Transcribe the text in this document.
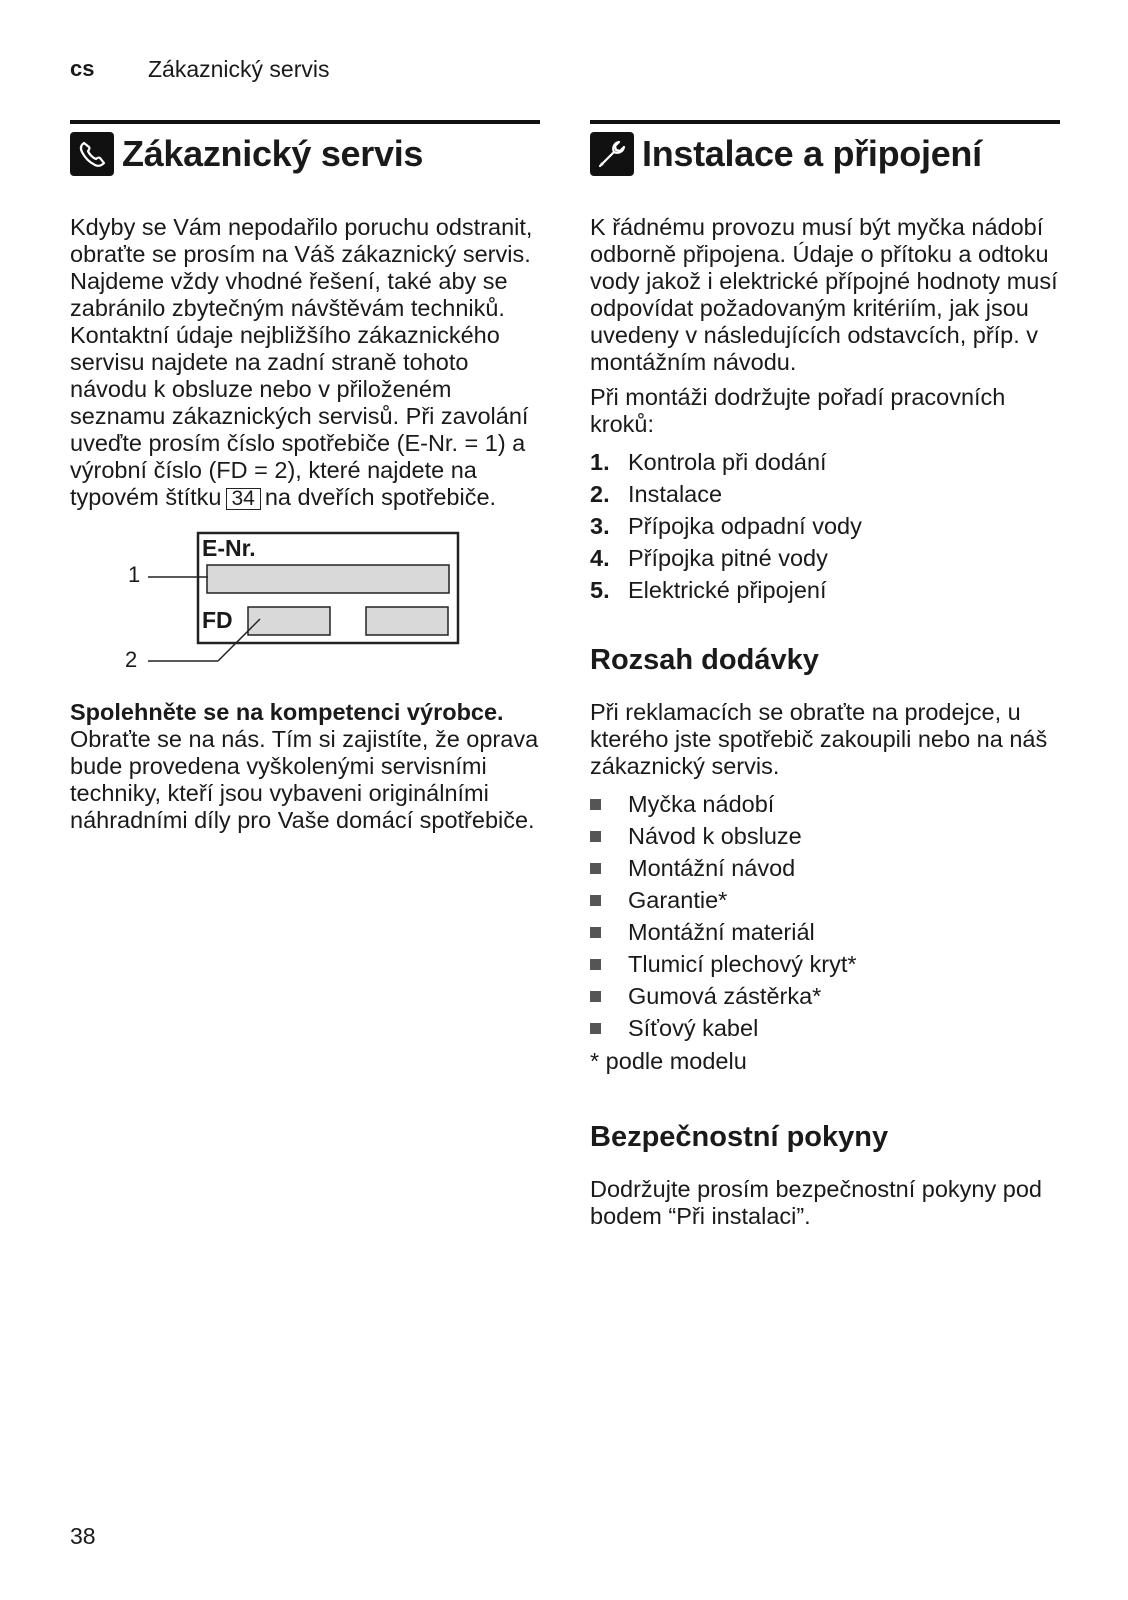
cs Zákaznický servis
Zákaznický servis

Kdyby se Vám nepodařilo poruchu odstranit, obraťte se prosím na Váš zákaznický servis. Najdeme vždy vhodné řešení, také aby se zabránilo zbytečným návštěvám techniků. Kontaktní údaje nejbližšího zákaznického servisu najdete na zadní straně tohoto návodu k obsluze nebo v přiloženém seznamu zákaznických servisů. Při zavolání uveďte prosím číslo spotřebiče (E-Nr. = 1) a výrobní číslo (FD = 2), které najdete na typovém štítku 34 na dveřích spotřebiče.

E-Nr.
FD
1
2

Spolehněte se na kompetenci výrobce. Obraťte se na nás. Tím si zajistíte, že oprava bude provedena vyškolenými servisními techniky, kteří jsou vybaveni originálními náhradními díly pro Vaše domácí spotřebiče.

Instalace a připojení

K řádnému provozu musí být myčka nádobí odborně připojena. Údaje o přítoku a odtoku vody jakož i elektrické přípojné hodnoty musí odpovídat požadovaným kritériím, jak jsou uvedeny v následujících odstavcích, příp. v montážním návodu.

Při montáži dodržujte pořadí pracovních kroků:

1. Kontrola při dodání
2. Instalace
3. Přípojka odpadní vody
4. Přípojka pitné vody
5. Elektrické připojení
Rozsah dodávky

Při reklamacích se obraťte na prodejce, u kterého jste spotřebič zakoupili nebo na náš zákaznický servis.

Myčka nádobí
Návod k obsluze
Montážní návod
Garantie*
Montážní materiál
Tlumicí plechový kryt*
Gumová zástěrka*
Síťový kabel

* podle modelu

Bezpečnostní pokyny

Dodržujte prosím bezpečnostní pokyny pod bodem “Při instalaci”.

38
